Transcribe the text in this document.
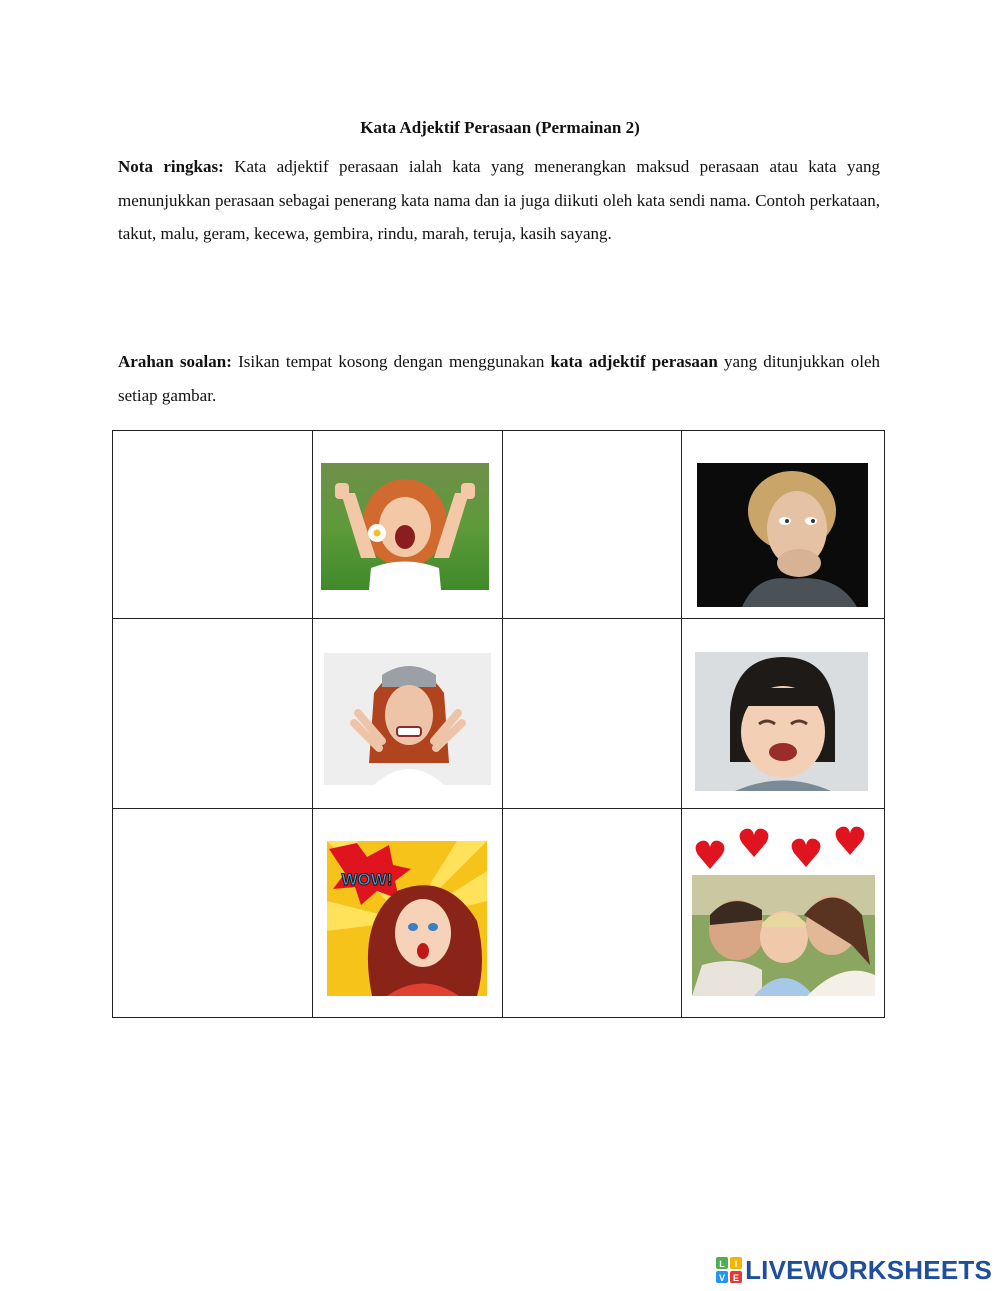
Kata Adjektif Perasaan (Permainan 2)
Nota ringkas: Kata adjektif perasaan ialah kata yang menerangkan maksud perasaan atau kata yang menunjukkan perasaan sebagai penerang kata nama dan ia juga diikuti oleh kata sendi nama. Contoh perkataan, takut, malu, geram, kecewa, gembira, rindu, marah, teruja, kasih sayang.
Arahan soalan: Isikan tempat kosong dengan menggunakan kata adjektif perasaan yang ditunjukkan oleh setiap gambar.

WOW!

L I
V E LIVEWORKSHEETS
